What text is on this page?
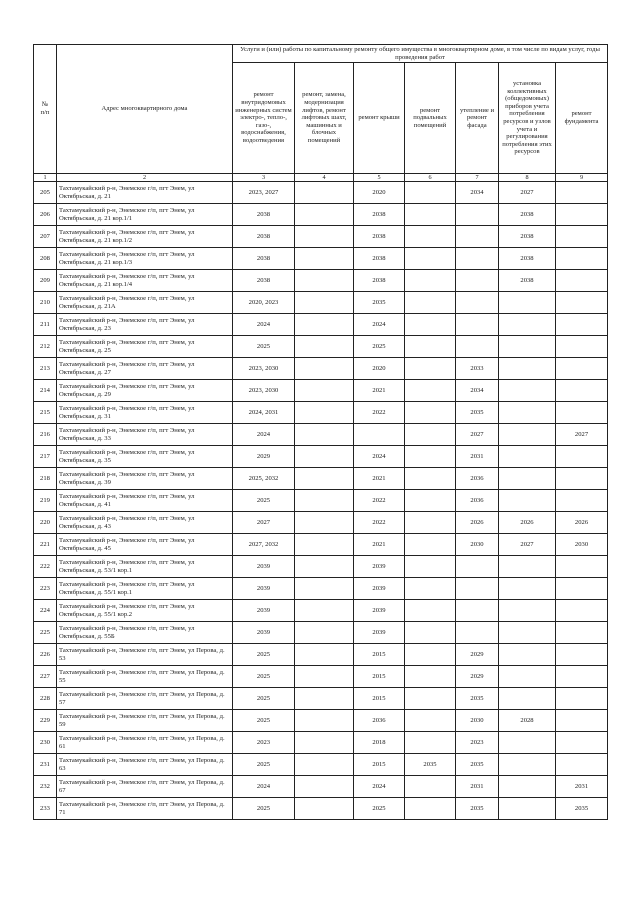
№
п/п	Адрес многоквартирного дома	Услуги и (или) работы по капитальному ремонту общего имущества в многоквартирном доме, в том числе по видам услуг, годы проведения работ						
		ремонт внутридомовых инженерных систем электро-, тепло-, газо-, водоснабжения, водоотведения	ремонт, замена, модернизация лифтов, ремонт лифтовых шахт, машинных и блочных помещений	ремонт крыши	ремонт подвальных помещений	утепление и ремонт фасада	установка коллективных (общедомовых) приборов учета потребления ресурсов и узлов учета и регулирования потребления этих ресурсов	ремонт фундамента
1	2	3	4	5	6	7	8	9
205	Тахтамукайский р-н, Энемское г/п, пгт Энем, ул Октябрьская, д. 21	2023, 2027		2020		2034	2027	
206	Тахтамукайский р-н, Энемское г/п, пгт Энем, ул Октябрьская, д. 21 кор.1/1	2038		2038			2038	
207	Тахтамукайский р-н, Энемское г/п, пгт Энем, ул Октябрьская, д. 21 кор.1/2	2038		2038			2038	
208	Тахтамукайский р-н, Энемское г/п, пгт Энем, ул Октябрьская, д. 21 кор.1/3	2038		2038			2038	
209	Тахтамукайский р-н, Энемское г/п, пгт Энем, ул Октябрьская, д. 21 кор.1/4	2038		2038			2038	
210	Тахтамукайский р-н, Энемское г/п, пгт Энем, ул Октябрьская, д. 21А	2020, 2023		2035				
211	Тахтамукайский р-н, Энемское г/п, пгт Энем, ул Октябрьская, д. 23	2024		2024				
212	Тахтамукайский р-н, Энемское г/п, пгт Энем, ул Октябрьская, д. 25	2025		2025				
213	Тахтамукайский р-н, Энемское г/п, пгт Энем, ул Октябрьская, д. 27	2023, 2030		2020		2033		
214	Тахтамукайский р-н, Энемское г/п, пгт Энем, ул Октябрьская, д. 29	2023, 2030		2021		2034		
215	Тахтамукайский р-н, Энемское г/п, пгт Энем, ул Октябрьская, д. 31	2024, 2031		2022		2035		
216	Тахтамукайский р-н, Энемское г/п, пгт Энем, ул Октябрьская, д. 33	2024				2027		2027
217	Тахтамукайский р-н, Энемское г/п, пгт Энем, ул Октябрьская, д. 35	2029		2024		2031		
218	Тахтамукайский р-н, Энемское г/п, пгт Энем, ул Октябрьская, д. 39	2025, 2032		2021		2036		
219	Тахтамукайский р-н, Энемское г/п, пгт Энем, ул Октябрьская, д. 41	2025		2022		2036		
220	Тахтамукайский р-н, Энемское г/п, пгт Энем, ул Октябрьская, д. 43	2027		2022		2026	2026	2026
221	Тахтамукайский р-н, Энемское г/п, пгт Энем, ул Октябрьская, д. 45	2027, 2032		2021		2030	2027	2030
222	Тахтамукайский р-н, Энемское г/п, пгт Энем, ул Октябрьская, д. 53/1 кор.1	2039		2039				
223	Тахтамукайский р-н, Энемское г/п, пгт Энем, ул Октябрьская, д. 55/1 кор.1	2039		2039				
224	Тахтамукайский р-н, Энемское г/п, пгт Энем, ул Октябрьская, д. 55/1 кор.2	2039		2039				
225	Тахтамукайский р-н, Энемское г/п, пгт Энем, ул Октябрьская, д. 55Б	2039		2039				
226	Тахтамукайский р-н, Энемское г/п, пгт Энем, ул Перова, д. 53	2025		2015		2029		
227	Тахтамукайский р-н, Энемское г/п, пгт Энем, ул Перова, д. 55	2025		2015		2029		
228	Тахтамукайский р-н, Энемское г/п, пгт Энем, ул Перова, д. 57	2025		2015		2035		
229	Тахтамукайский р-н, Энемское г/п, пгт Энем, ул Перова, д. 59	2025		2036		2030	2028	
230	Тахтамукайский р-н, Энемское г/п, пгт Энем, ул Перова, д. 61	2023		2018		2023		
231	Тахтамукайский р-н, Энемское г/п, пгт Энем, ул Перова, д. 63	2025		2015	2035	2035		
232	Тахтамукайский р-н, Энемское г/п, пгт Энем, ул Перова, д. 67	2024		2024		2031		2031
233	Тахтамукайский р-н, Энемское г/п, пгт Энем, ул Перова, д. 71	2025		2025		2035		2035
